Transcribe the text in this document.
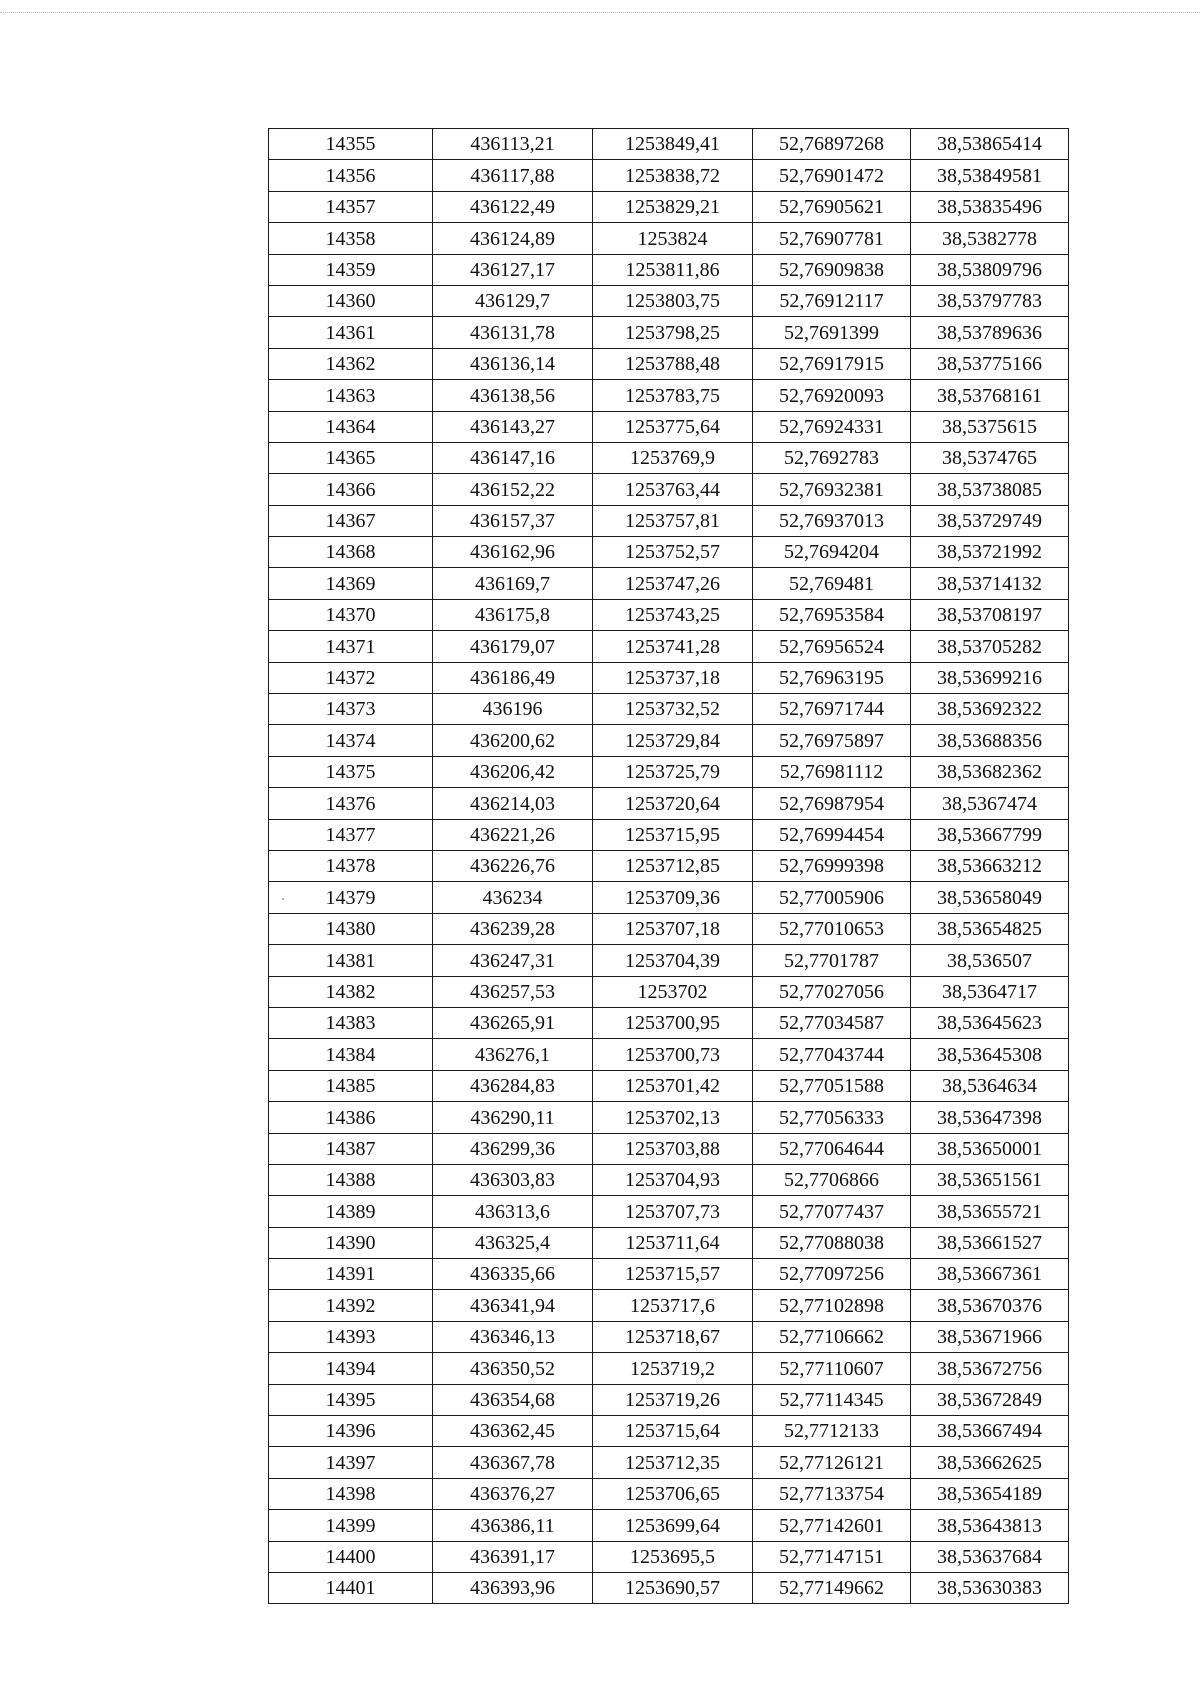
14355	436113,21	1253849,41	52,76897268	38,53865414
14356	436117,88	1253838,72	52,76901472	38,53849581
14357	436122,49	1253829,21	52,76905621	38,53835496
14358	436124,89	1253824	52,76907781	38,5382778
14359	436127,17	1253811,86	52,76909838	38,53809796
14360	436129,7	1253803,75	52,76912117	38,53797783
14361	436131,78	1253798,25	52,7691399	38,53789636
14362	436136,14	1253788,48	52,76917915	38,53775166
14363	436138,56	1253783,75	52,76920093	38,53768161
14364	436143,27	1253775,64	52,76924331	38,5375615
14365	436147,16	1253769,9	52,7692783	38,5374765
14366	436152,22	1253763,44	52,76932381	38,53738085
14367	436157,37	1253757,81	52,76937013	38,53729749
14368	436162,96	1253752,57	52,7694204	38,53721992
14369	436169,7	1253747,26	52,769481	38,53714132
14370	436175,8	1253743,25	52,76953584	38,53708197
14371	436179,07	1253741,28	52,76956524	38,53705282
14372	436186,49	1253737,18	52,76963195	38,53699216
14373	436196	1253732,52	52,76971744	38,53692322
14374	436200,62	1253729,84	52,76975897	38,53688356
14375	436206,42	1253725,79	52,76981112	38,53682362
14376	436214,03	1253720,64	52,76987954	38,5367474
14377	436221,26	1253715,95	52,76994454	38,53667799
14378	436226,76	1253712,85	52,76999398	38,53663212
14379	436234	1253709,36	52,77005906	38,53658049
14380	436239,28	1253707,18	52,77010653	38,53654825
14381	436247,31	1253704,39	52,7701787	38,536507
14382	436257,53	1253702	52,77027056	38,5364717
14383	436265,91	1253700,95	52,77034587	38,53645623
14384	436276,1	1253700,73	52,77043744	38,53645308
14385	436284,83	1253701,42	52,77051588	38,5364634
14386	436290,11	1253702,13	52,77056333	38,53647398
14387	436299,36	1253703,88	52,77064644	38,53650001
14388	436303,83	1253704,93	52,7706866	38,53651561
14389	436313,6	1253707,73	52,77077437	38,53655721
14390	436325,4	1253711,64	52,77088038	38,53661527
14391	436335,66	1253715,57	52,77097256	38,53667361
14392	436341,94	1253717,6	52,77102898	38,53670376
14393	436346,13	1253718,67	52,77106662	38,53671966
14394	436350,52	1253719,2	52,77110607	38,53672756
14395	436354,68	1253719,26	52,77114345	38,53672849
14396	436362,45	1253715,64	52,7712133	38,53667494
14397	436367,78	1253712,35	52,77126121	38,53662625
14398	436376,27	1253706,65	52,77133754	38,53654189
14399	436386,11	1253699,64	52,77142601	38,53643813
14400	436391,17	1253695,5	52,77147151	38,53637684
14401	436393,96	1253690,57	52,77149662	38,53630383
